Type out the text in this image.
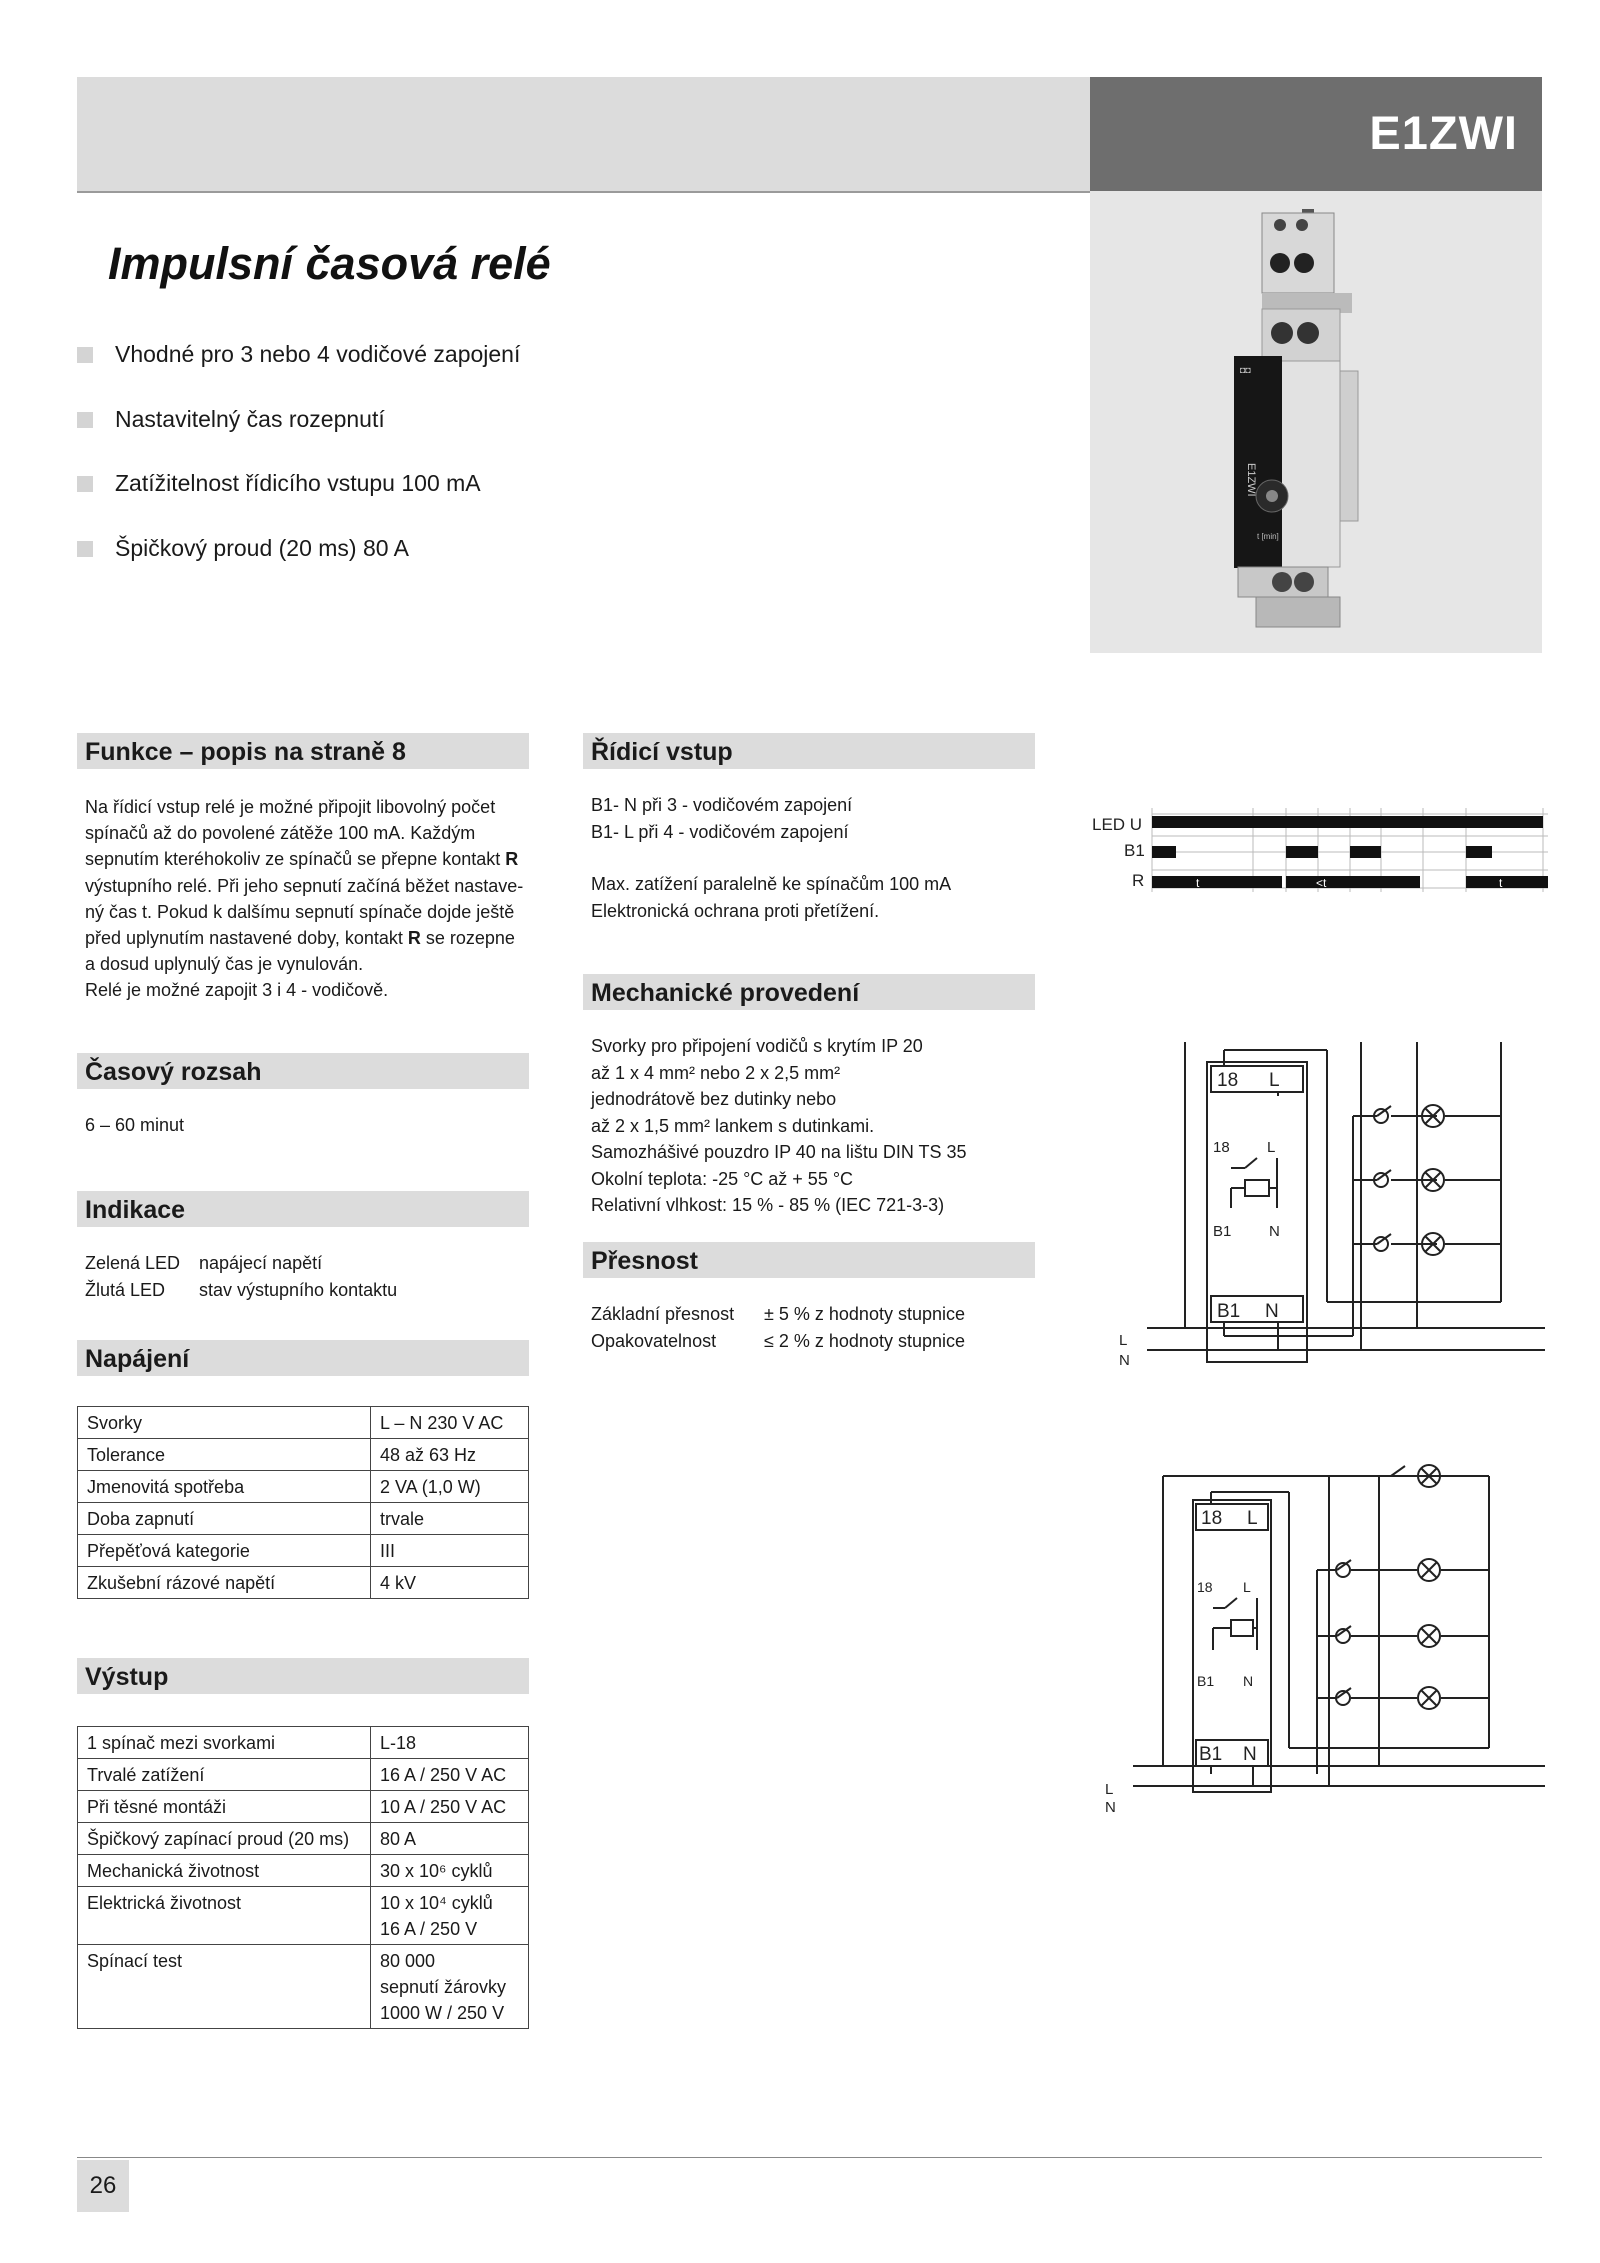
E1ZWI
◘◘
E1ZWI
t [min]
Impulsní časová relé
Vhodné pro 3 nebo 4 vodičové zapojení
Nastavitelný čas rozepnutí
Zatížitelnost řídicího vstupu 100 mA
Špičkový proud (20 ms) 80 A
Funkce – popis na straně 8
Na řídicí vstup relé je možné připojit libovolný počet
spínačů až do povolené zátěže 100 mA. Každým
sepnutím kteréhokoliv ze spínačů se přepne kontakt R
výstupního relé. Při jeho sepnutí začíná běžet nastave-
ný čas t. Pokud k dalšímu sepnutí spínače dojde ještě
před uplynutím nastavené doby, kontakt R se rozepne
a dosud uplynulý čas je vynulován.
Relé je možné zapojit 3 i 4 - vodičově.
Časový rozsah
6 – 60 minut
Indikace
Zelená LED napájecí napětí
Žlutá LED stav výstupního kontaktu
Napájení
Svorky	L – N 230 V AC
Tolerance	48 až 63 Hz
Jmenovitá spotřeba	2 VA (1,0 W)
Doba zapnutí	trvale
Přepěťová kategorie	III
Zkušební rázové napětí	4 kV
Výstup
1 spínač mezi svorkami	L-18
Trvalé zatížení	16 A / 250 V AC
Při těsné montáži	10 A / 250 V AC
Špičkový zapínací proud (20 ms)	80 A
Mechanická životnost	30 x 10⁶ cyklů
Elektrická životnost	10 x 10⁴ cyklů
16 A / 250 V

Spínací test	80 000
sepnutí žárovky
1000 W / 250 V
Řídicí vstup
B1- N při 3 - vodičovém zapojení
B1- L při 4 - vodičovém zapojení
Max. zatížení paralelně ke spínačům 100 mA
Elektronická ochrana proti přetížení.
Mechanické provedení
Svorky pro připojení vodičů s krytím IP 20
až 1 x 4 mm² nebo 2 x 2,5 mm²
jednodrátově bez dutinky nebo
až 2 x 1,5 mm² lankem s dutinkami.
Samozhášivé pouzdro IP 40 na lištu DIN TS 35
Okolní teplota: -25 °C až + 55 °C
Relativní vlhkost: 15 % - 85 % (IEC 721-3-3)
Přesnost
Základní přesnost ± 5 % z hodnoty stupnice
Opakovatelnost	≤ 2 % z hodnoty stupnice
LED U
B1
R	t	<t	t
18 L
18 L
B1	N
B1 N
L
N
18 L
18 L
B1 N
B1 N
L
N
26
